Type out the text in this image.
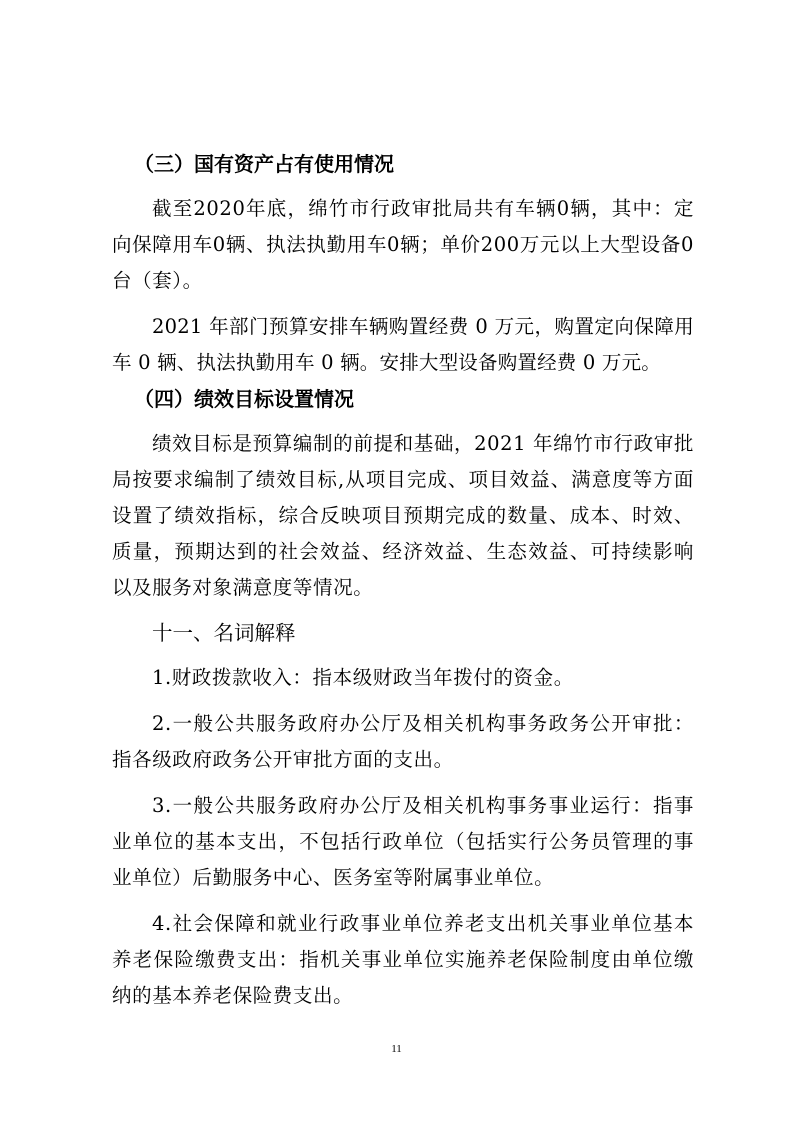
（三）国有资产占有使用情况

截至2020年底，绵竹市行政审批局共有车辆0辆，其中：定向保障用车0辆、执法执勤用车0辆；单价200万元以上大型设备0台（套）。

2021 年部门预算安排车辆购置经费 0 万元，购置定向保障用车 0 辆、执法执勤用车 0 辆。安排大型设备购置经费 0 万元。

（四）绩效目标设置情况

绩效目标是预算编制的前提和基础，2021 年绵竹市行政审批局按要求编制了绩效目标,从项目完成、项目效益、满意度等方面设置了绩效指标，综合反映项目预期完成的数量、成本、时效、质量，预期达到的社会效益、经济效益、生态效益、可持续影响以及服务对象满意度等情况。

十一、名词解释

1.财政拨款收入：指本级财政当年拨付的资金。

2.一般公共服务政府办公厅及相关机构事务政务公开审批：指各级政府政务公开审批方面的支出。

3.一般公共服务政府办公厅及相关机构事务事业运行：指事业单位的基本支出，不包括行政单位（包括实行公务员管理的事业单位）后勤服务中心、医务室等附属事业单位。

4.社会保障和就业行政事业单位养老支出机关事业单位基本养老保险缴费支出：指机关事业单位实施养老保险制度由单位缴纳的基本养老保险费支出。

11
